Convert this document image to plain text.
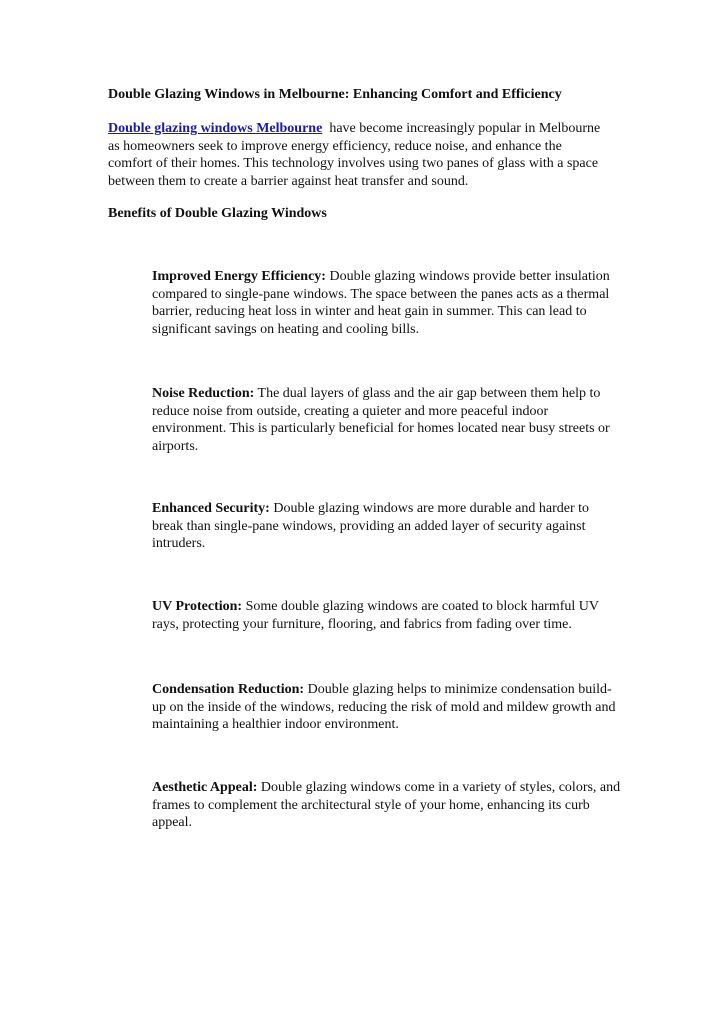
Double Glazing Windows in Melbourne: Enhancing Comfort and Efficiency

Double glazing windows Melbourne have become increasingly popular in Melbourne as homeowners seek to improve energy efficiency, reduce noise, and enhance the comfort of their homes. This technology involves using two panes of glass with a space between them to create a barrier against heat transfer and sound.

Benefits of Double Glazing Windows

Improved Energy Efficiency: Double glazing windows provide better insulation compared to single-pane windows. The space between the panes acts as a thermal barrier, reducing heat loss in winter and heat gain in summer. This can lead to significant savings on heating and cooling bills.

Noise Reduction: The dual layers of glass and the air gap between them help to reduce noise from outside, creating a quieter and more peaceful indoor environment. This is particularly beneficial for homes located near busy streets or airports.

Enhanced Security: Double glazing windows are more durable and harder to break than single-pane windows, providing an added layer of security against intruders.

UV Protection: Some double glazing windows are coated to block harmful UV rays, protecting your furniture, flooring, and fabrics from fading over time.

Condensation Reduction: Double glazing helps to minimize condensation build-up on the inside of the windows, reducing the risk of mold and mildew growth and maintaining a healthier indoor environment.

Aesthetic Appeal: Double glazing windows come in a variety of styles, colors, and frames to complement the architectural style of your home, enhancing its curb appeal.
